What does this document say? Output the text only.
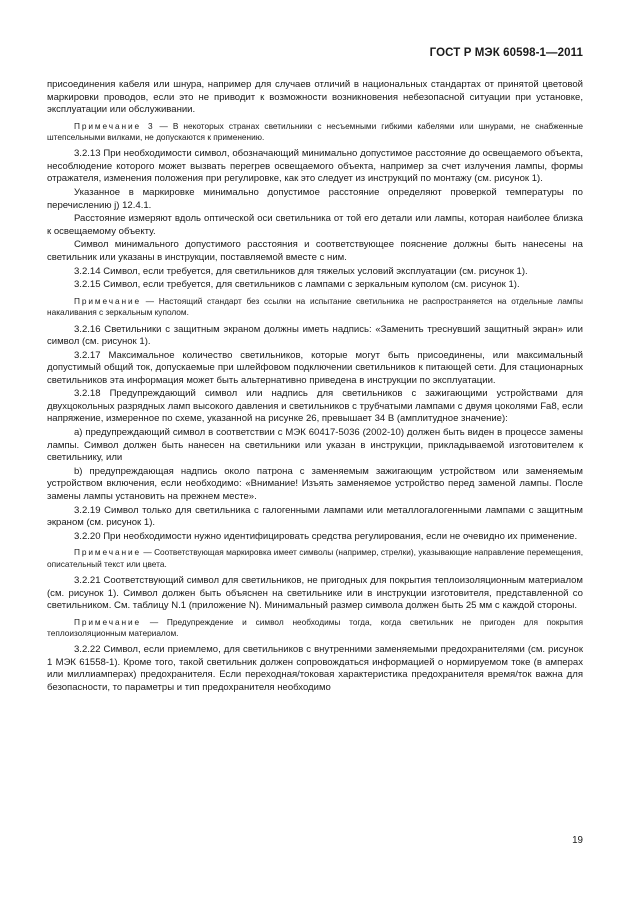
ГОСТ Р МЭК 60598-1—2011
присоединения кабеля или шнура, например для случаев отличий в национальных стандартах от принятой цветовой маркировки проводов, если это не приводит к возможности возникновения небезопасной ситуации при установке, эксплуатации или обслуживании.
Примечание 3 — В некоторых странах светильники с несъемными гибкими кабелями или шнурами, не снабженные штепсельными вилками, не допускаются к применению.
3.2.13 При необходимости символ, обозначающий минимально допустимое расстояние до освещаемого объекта, несоблюдение которого может вызвать перегрев освещаемого объекта, например за счет излучения лампы, формы отражателя, изменения положения при регулировке, как это следует из инструкций по монтажу (см. рисунок 1).
Указанное в маркировке минимально допустимое расстояние определяют проверкой температуры по перечислению j) 12.4.1.
Расстояние измеряют вдоль оптической оси светильника от той его детали или лампы, которая наиболее близка к освещаемому объекту.
Символ минимального допустимого расстояния и соответствующее пояснение должны быть нанесены на светильник или указаны в инструкции, поставляемой вместе с ним.
3.2.14 Символ, если требуется, для светильников для тяжелых условий эксплуатации (см. рисунок 1).
3.2.15 Символ, если требуется, для светильников с лампами с зеркальным куполом (см. рисунок 1).
Примечание — Настоящий стандарт без ссылки на испытание светильника не распространяется на отдельные лампы накаливания с зеркальным куполом.
3.2.16 Светильники с защитным экраном должны иметь надпись: «Заменить треснувший защитный экран» или символ (см. рисунок 1).
3.2.17 Максимальное количество светильников, которые могут быть присоединены, или максимальный допустимый общий ток, допускаемые при шлейфовом подключении светильников к питающей сети. Для стационарных светильников эта информация может быть альтернативно приведена в инструкции по эксплуатации.
3.2.18 Предупреждающий символ или надпись для светильников с зажигающими устройствами для двухцокольных разрядных ламп высокого давления и светильников с трубчатыми лампами с двумя цоколями Fa8, если напряжение, измеренное по схеме, указанной на рисунке 26, превышает 34 В (амплитудное значение):
a) предупреждающий символ в соответствии с МЭК 60417-5036 (2002-10) должен быть виден в процессе замены лампы. Символ должен быть нанесен на светильники или указан в инструкции, прикладываемой изготовителем к светильнику, или
b) предупреждающая надпись около патрона с заменяемым зажигающим устройством или заменяемым устройством включения, если необходимо: «Внимание! Изъять заменяемое устройство перед заменой лампы. После замены лампы установить на прежнем месте».
3.2.19 Символ только для светильника с галогенными лампами или металлогалогенными лампами с защитным экраном (см. рисунок 1).
3.2.20 При необходимости нужно идентифицировать средства регулирования, если не очевидно их применение.
Примечание — Соответствующая маркировка имеет символы (например, стрелки), указывающие направление перемещения, описательный текст или цвета.
3.2.21 Соответствующий символ для светильников, не пригодных для покрытия теплоизоляционным материалом (см. рисунок 1). Символ должен быть объяснен на светильнике или в инструкции изготовителя, представленной со светильником. См. таблицу N.1 (приложение N). Минимальный размер символа должен быть 25 мм с каждой стороны.
Примечание — Предупреждение и символ необходимы тогда, когда светильник не пригоден для покрытия теплоизоляционным материалом.
3.2.22 Символ, если приемлемо, для светильников с внутренними заменяемыми предохранителями (см. рисунок 1 МЭК 61558-1). Кроме того, такой светильник должен сопровождаться информацией о нормируемом токе (в амперах или миллиамперах) предохранителя. Если переходная/токовая характеристика предохранителя время/ток важна для безопасности, то параметры и тип предохранителя необходимо
19
